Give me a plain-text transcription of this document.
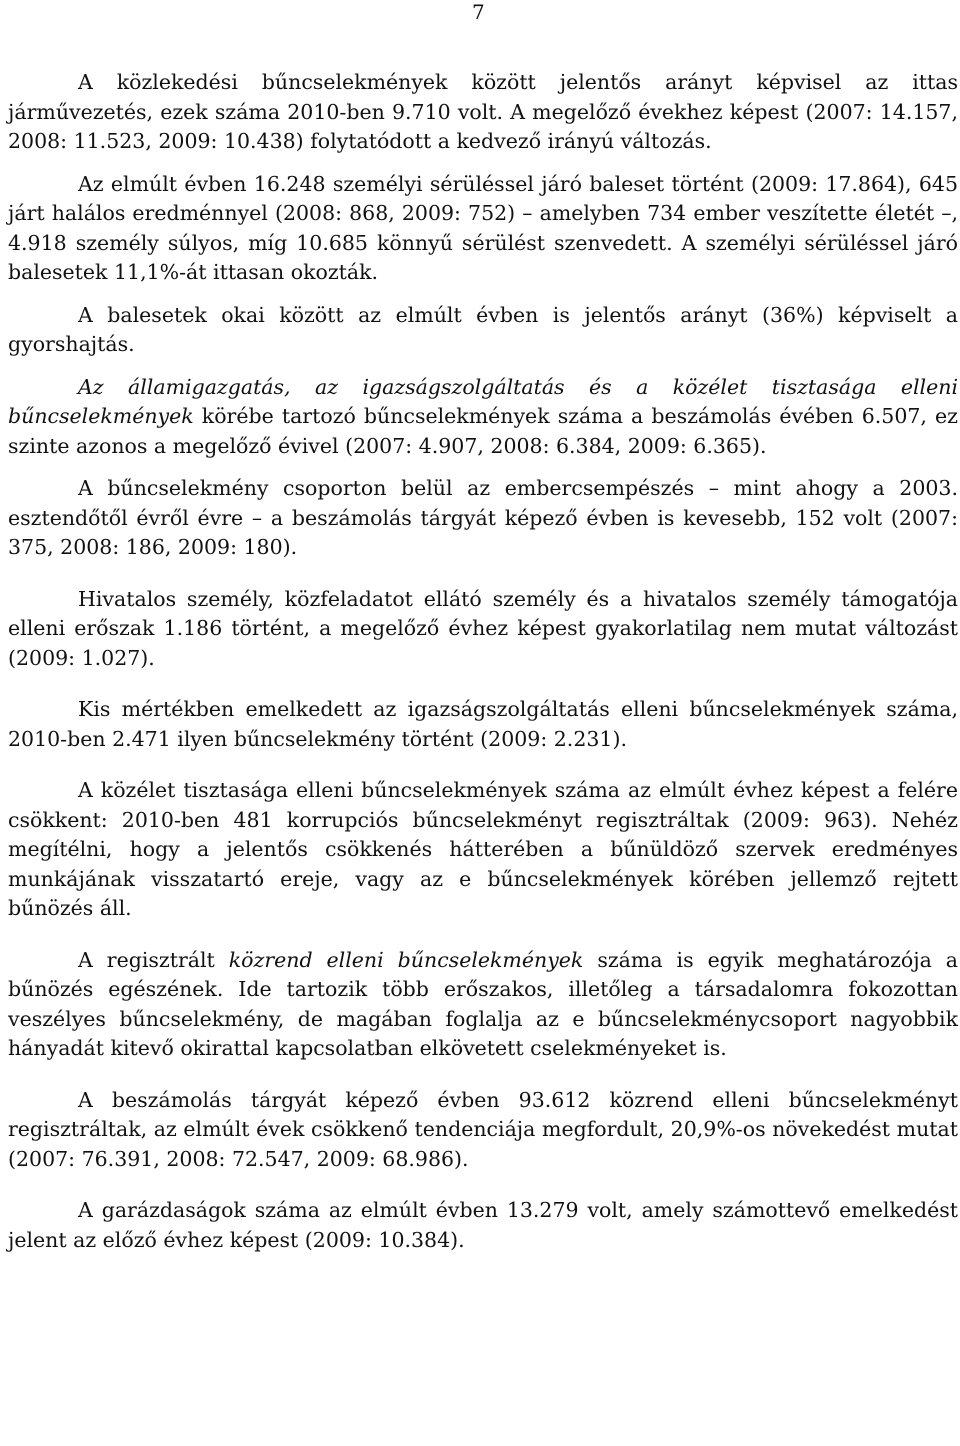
7

A közlekedési bűncselekmények között jelentős arányt képvisel az ittas járművezetés, ezek száma 2010-ben 9.710 volt. A megelőző évekhez képest (2007: 14.157, 2008: 11.523, 2009: 10.438) folytatódott a kedvező irányú változás.

Az elmúlt évben 16.248 személyi sérüléssel járó baleset történt (2009: 17.864), 645 járt halálos eredménnyel (2008: 868, 2009: 752) – amelyben 734 ember veszítette életét –, 4.918 személy súlyos, míg 10.685 könnyű sérülést szenvedett. A személyi sérüléssel járó balesetek 11,1%-át ittasan okozták.

A balesetek okai között az elmúlt évben is jelentős arányt (36%) képviselt a gyorshajtás.

Az államigazgatás, az igazságszolgáltatás és a közélet tisztasága elleni bűncselekmények körébe tartozó bűncselekmények száma a beszámolás évében 6.507, ez szinte azonos a megelőző évivel (2007: 4.907, 2008: 6.384, 2009: 6.365).

A bűncselekmény csoporton belül az embercsempészés – mint ahogy a 2003. esztendőtől évről évre – a beszámolás tárgyát képező évben is kevesebb, 152 volt (2007: 375, 2008: 186, 2009: 180).

Hivatalos személy, közfeladatot ellátó személy és a hivatalos személy támogatója elleni erőszak 1.186 történt, a megelőző évhez képest gyakorlatilag nem mutat változást (2009: 1.027).

Kis mértékben emelkedett az igazságszolgáltatás elleni bűncselekmények száma, 2010-ben 2.471 ilyen bűncselekmény történt (2009: 2.231).

A közélet tisztasága elleni bűncselekmények száma az elmúlt évhez képest a felére csökkent: 2010-ben 481 korrupciós bűncselekményt regisztráltak (2009: 963). Nehéz megítélni, hogy a jelentős csökkenés hátterében a bűnüldöző szervek eredményes munkájának visszatartó ereje, vagy az e bűncselekmények körében jellemző rejtett bűnözés áll.

A regisztrált közrend elleni bűncselekmények száma is egyik meghatározója a bűnözés egészének. Ide tartozik több erőszakos, illetőleg a társadalomra fokozottan veszélyes bűncselekmény, de magában foglalja az e bűncselekménycsoport nagyobbik hányadát kitevő okirattal kapcsolatban elkövetett cselekményeket is.

A beszámolás tárgyát képező évben 93.612 közrend elleni bűncselekményt regisztráltak, az elmúlt évek csökkenő tendenciája megfordult, 20,9%-os növekedést mutat (2007: 76.391, 2008: 72.547, 2009: 68.986).

A garázdaságok száma az elmúlt évben 13.279 volt, amely számottevő emelkedést jelent az előző évhez képest (2009: 10.384).
